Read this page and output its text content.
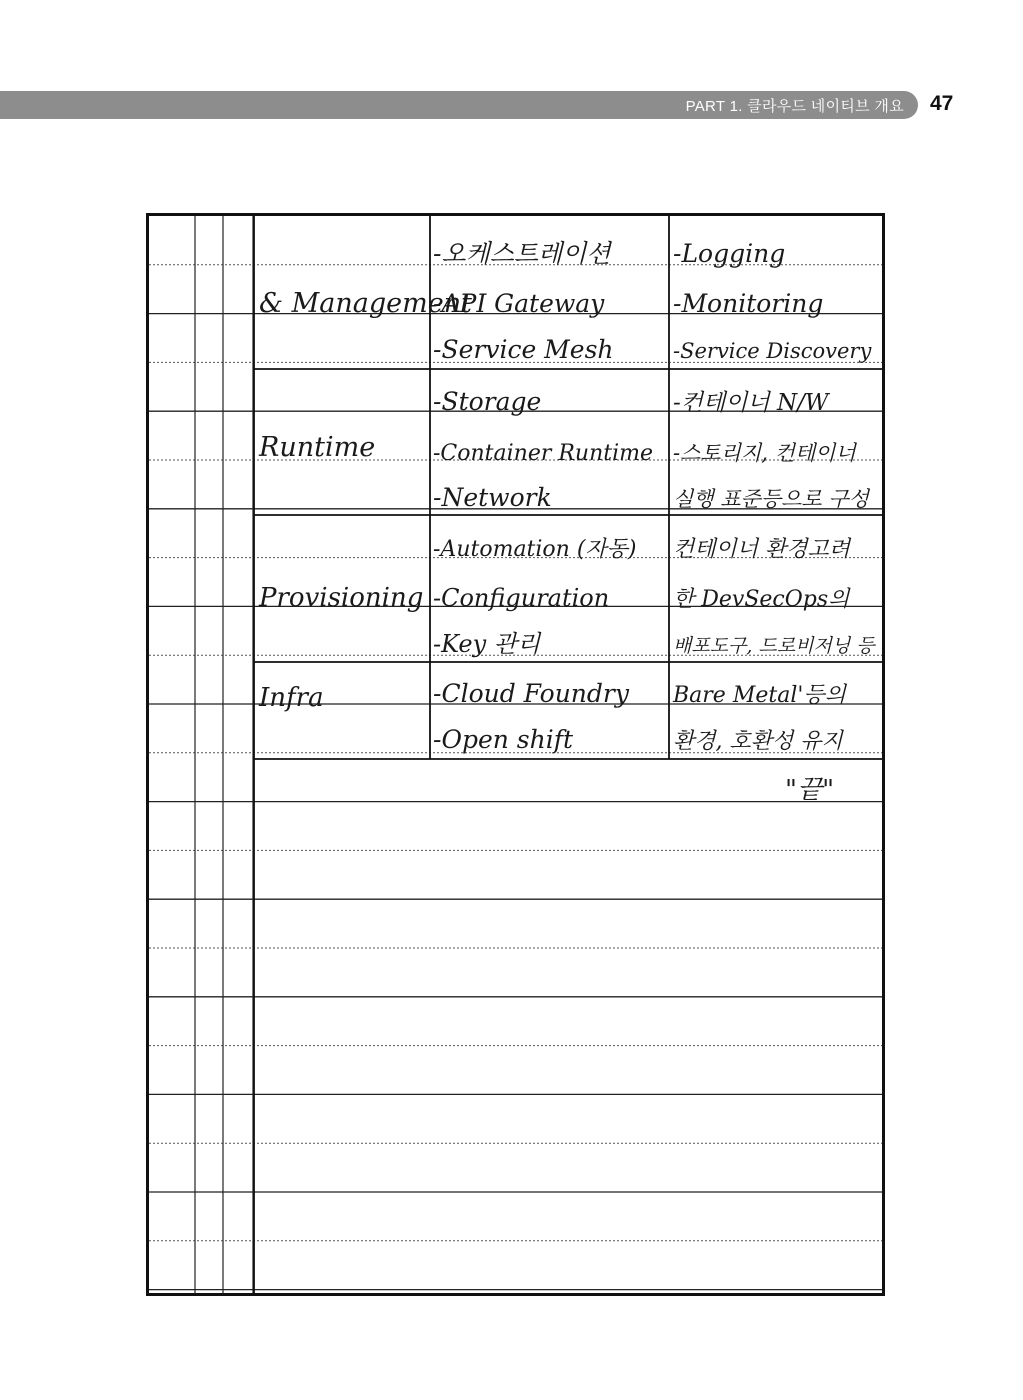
PART 1. 클라우드 네이티브 개요 47
& Management
-오케스트레이션
-API Gateway
-Service Mesh
-Logging
-Monitoring
-Service Discovery
Runtime
-Storage
-Container Runtime
-Network
-컨테이너 N/W
-스토리지, 컨테이너
실행 표준등으로 구성
Provisioning
-Automation (자동)
-Configuration
-Key 관리
컨테이너 환경고려
한 DevSecOps의
배포도구, 드로비저닝 등
Infra	-Cloud Foundry
-Open shift
Bare Metal'등의
환경, 호환성 유지
"끝"
